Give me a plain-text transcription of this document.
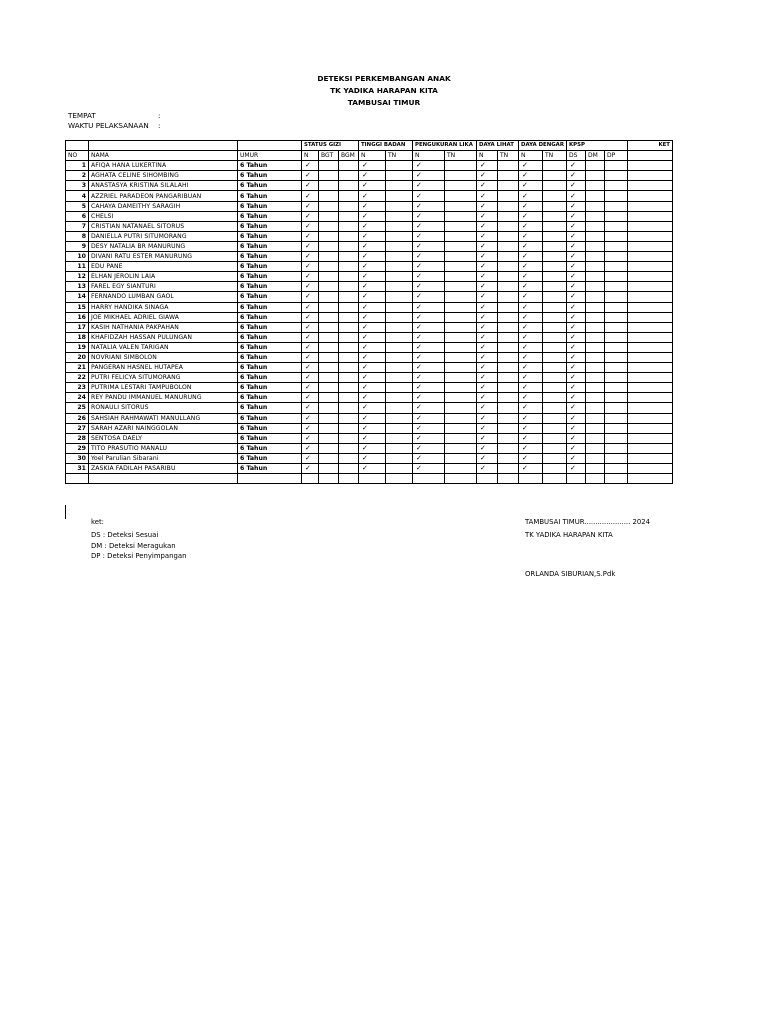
DETEKSI PERKEMBANGAN ANAK
TK YADIKA HARAPAN KITA
TAMBUSAI TIMUR
TEMPAT	:
WAKTU PELAKSANAAN :
			STATUS GIZI			TINGGI BADAN		PENGUKURAN LIKA		DAYA LIHAT		DAYA DENGAR		KPSP			KET
NO	NAMA	UMUR	N	BGT	BGM	N	TN	N	TN	N	TN	N	TN	DS	DM	DP	
1	AFIQA HANA LUKERTINA	6 Tahun	✓			✓		✓		✓		✓		✓			
2	AGHATA CELINE SIHOMBING	6 Tahun	✓			✓		✓		✓		✓		✓			
3	ANASTASYA KRISTINA SILALAHI	6 Tahun	✓			✓		✓		✓		✓		✓			
4	AZZRIEL PARADEON PANGARIBUAN	6 Tahun	✓			✓		✓		✓		✓		✓			
5	CAHAYA DAMEITHY SARAGIH	6 Tahun	✓			✓		✓		✓		✓		✓			
6	CHELSI	6 Tahun	✓			✓		✓		✓		✓		✓			
7	CRISTIAN NATANAEL SITORUS	6 Tahun	✓			✓		✓		✓		✓		✓			
8	DANIELLA PUTRI SITUMORANG	6 Tahun	✓			✓		✓		✓		✓		✓			
9	DESY NATALIA BR MANURUNG	6 Tahun	✓			✓		✓		✓		✓		✓			
10	DIVANI RATU ESTER MANURUNG	6 Tahun	✓			✓		✓		✓		✓		✓			
11	EDU PANE	6 Tahun	✓			✓		✓		✓		✓		✓			
12	ELHAN JEROLIN LAIA	6 Tahun	✓			✓		✓		✓		✓		✓			
13	FAREL EGY SIANTURI	6 Tahun	✓			✓		✓		✓		✓		✓			
14	FERNANDO LUMBAN GAOL	6 Tahun	✓			✓		✓		✓		✓		✓			
15	HARRY HANDIKA SINAGA	6 Tahun	✓			✓		✓		✓		✓		✓			
16	JOE MIKHAEL ADRIEL GIAWA	6 Tahun	✓			✓		✓		✓		✓		✓			
17	KASIH NATHANIA PAKPAHAN	6 Tahun	✓			✓		✓		✓		✓		✓			
18	KHAFIDZAH HASSAN PULUNGAN	6 Tahun	✓			✓		✓		✓		✓		✓			
19	NATALIA VALEN TARIGAN	6 Tahun	✓			✓		✓		✓		✓		✓			
20	NOVRIANI SIMBOLON	6 Tahun	✓			✓		✓		✓		✓		✓			
21	PANGERAN HASNEL HUTAPEA	6 Tahun	✓			✓		✓		✓		✓		✓			
22	PUTRI FELICYA SITUMORANG	6 Tahun	✓			✓		✓		✓		✓		✓			
23	PUTRIMA LESTARI TAMPUBOLON	6 Tahun	✓			✓		✓		✓		✓		✓			
24	REY PANDU IMMANUEL MANURUNG	6 Tahun	✓			✓		✓		✓		✓		✓			
25	RONAULI SITORUS	6 Tahun	✓			✓		✓		✓		✓		✓			
26	SAHSIAH RAHMAWATI MANULLANG	6 Tahun	✓			✓		✓		✓		✓		✓			
27	SARAH AZARI NAINGGOLAN	6 Tahun	✓			✓		✓		✓		✓		✓			
28	SENTOSA DAELY	6 Tahun	✓			✓		✓		✓		✓		✓			
29	TITO PRASUTIO MANALU	6 Tahun	✓			✓		✓		✓		✓		✓			
30	Yoel Parulian Sibarani	6 Tahun	✓			✓		✓		✓		✓		✓			
31	ZASKIA FADILAH PASARIBU	6 Tahun	✓			✓		✓		✓		✓		✓			

ket:
DS : Deteksi Sesuai
DM : Deteksi Meragukan
DP : Deteksi Penyimpangan
TAMBUSAI TIMUR..................... 2024
TK YADIKA HARAPAN KITA
ORLANDA SIBURIAN,S.Pdk
